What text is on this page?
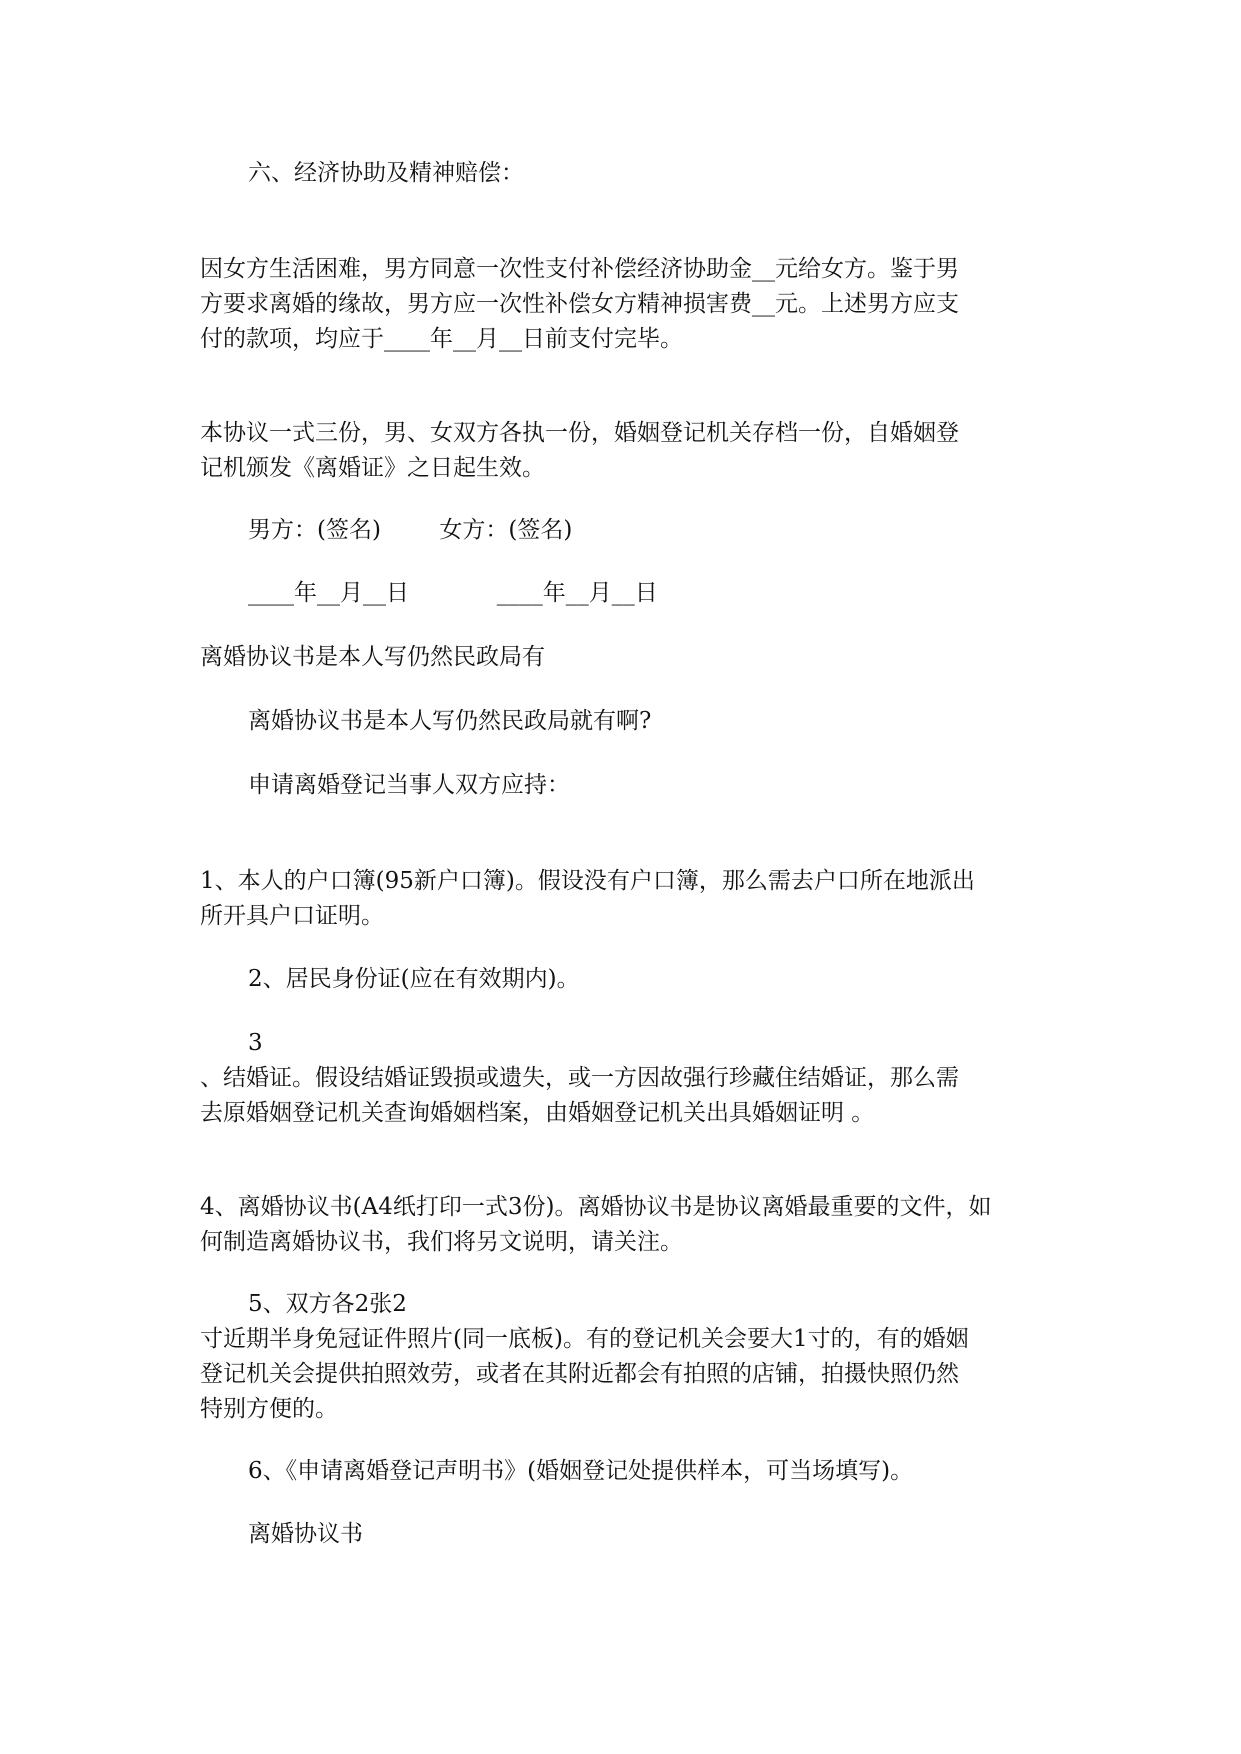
六、经济协助及精神赔偿：

因女方生活困难，男方同意一次性支付补偿经济协助金__元给女方。鉴于男

方要求离婚的缘故，男方应一次性补偿女方精神损害费__元。上述男方应支

付的款项，均应于____年__月__日前支付完毕。

本协议一式三份，男、女双方各执一份，婚姻登记机关存档一份，自婚姻登

记机颁发《离婚证》之日起生效。

男方：(签名)        女方：(签名)

____年__月__日            ____年__月__日

离婚协议书是本人写仍然民政局有

离婚协议书是本人写仍然民政局就有啊?

申请离婚登记当事人双方应持：

1、本人的户口簿(95新户口簿)。假设没有户口簿，那么需去户口所在地派出

所开具户口证明。

2、居民身份证(应在有效期内)。

3

、结婚证。假设结婚证毁损或遗失，或一方因故强行珍藏住结婚证，那么需

去原婚姻登记机关查询婚姻档案，由婚姻登记机关出具婚姻证明 。

4、离婚协议书(A4纸打印一式3份)。离婚协议书是协议离婚最重要的文件，如

何制造离婚协议书，我们将另文说明，请关注。

5、双方各2张2

寸近期半身免冠证件照片(同一底板)。有的登记机关会要大1寸的，有的婚姻

登记机关会提供拍照效劳，或者在其附近都会有拍照的店铺，拍摄快照仍然

特别方便的。

6、《申请离婚登记声明书》(婚姻登记处提供样本，可当场填写)。

离婚协议书
